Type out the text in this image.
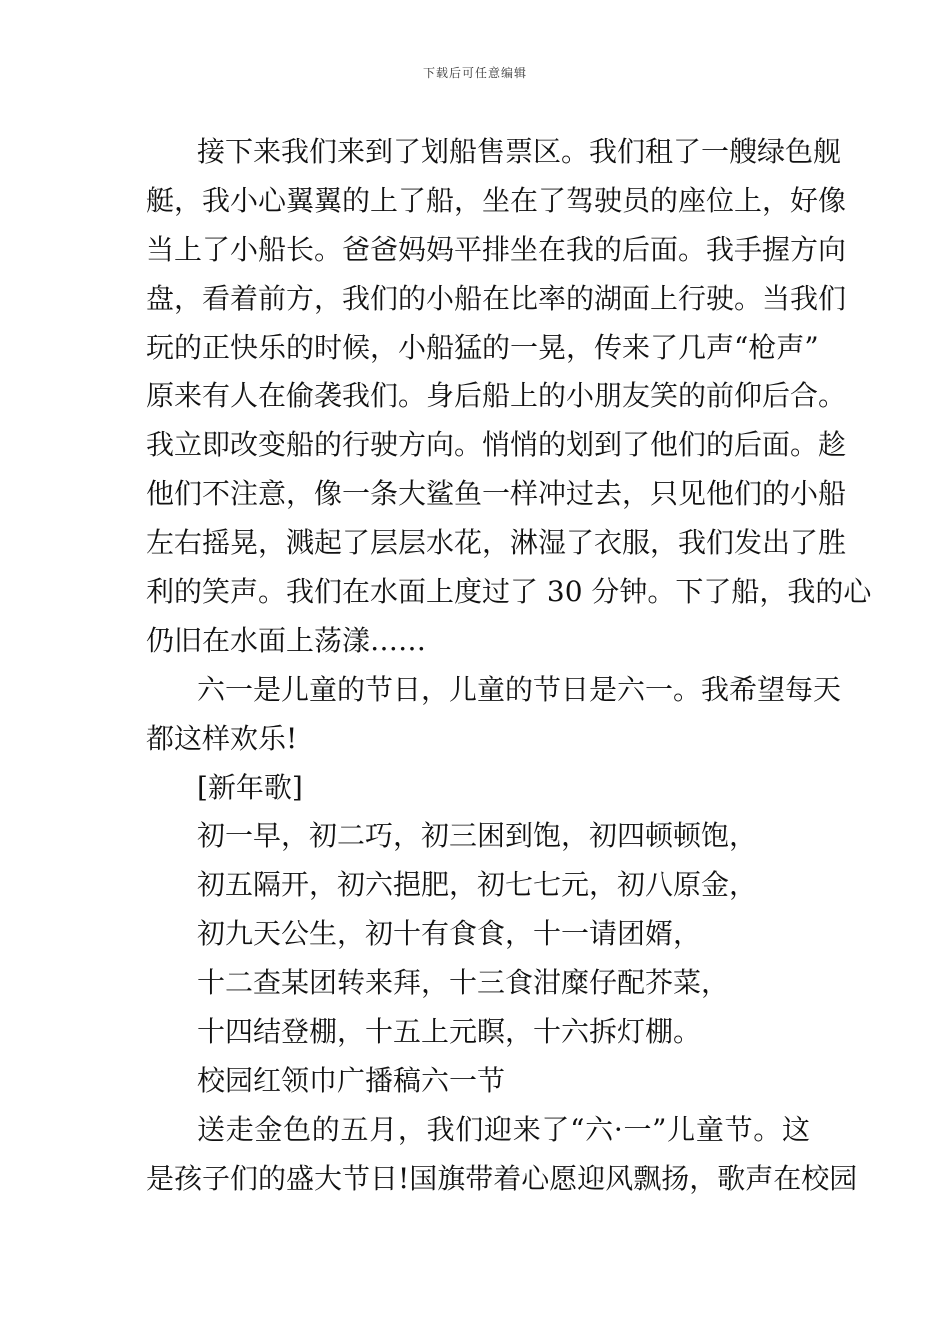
下载后可任意编辑
接下来我们来到了划船售票区。我们租了一艘绿色舰
艇，我小心翼翼的上了船，坐在了驾驶员的座位上，好像
当上了小船长。爸爸妈妈平排坐在我的后面。我手握方向
盘，看着前方，我们的小船在比率的湖面上行驶。当我们
玩的正快乐的时候，小船猛的一晃，传来了几声“枪声”
原来有人在偷袭我们。身后船上的小朋友笑的前仰后合。
我立即改变船的行驶方向。悄悄的划到了他们的后面。趁
他们不注意，像一条大鲨鱼一样冲过去，只见他们的小船
左右摇晃，溅起了层层水花，淋湿了衣服，我们发出了胜
利的笑声。我们在水面上度过了 30 分钟。下了船，我的心
仍旧在水面上荡漾……
六一是儿童的节日，儿童的节日是六一。我希望每天
都这样欢乐!
[新年歌]
初一早，初二巧，初三困到饱，初四顿顿饱，
初五隔开，初六挹肥，初七七元，初八原金，
初九天公生，初十有食食，十一请团婿，
十二查某团转来拜，十三食泔糜仔配芥菜，
十四结登棚，十五上元瞑，十六拆灯棚。
校园红领巾广播稿六一节
送走金色的五月，我们迎来了“六·一”儿童节。这
是孩子们的盛大节日!国旗带着心愿迎风飘扬，歌声在校园
